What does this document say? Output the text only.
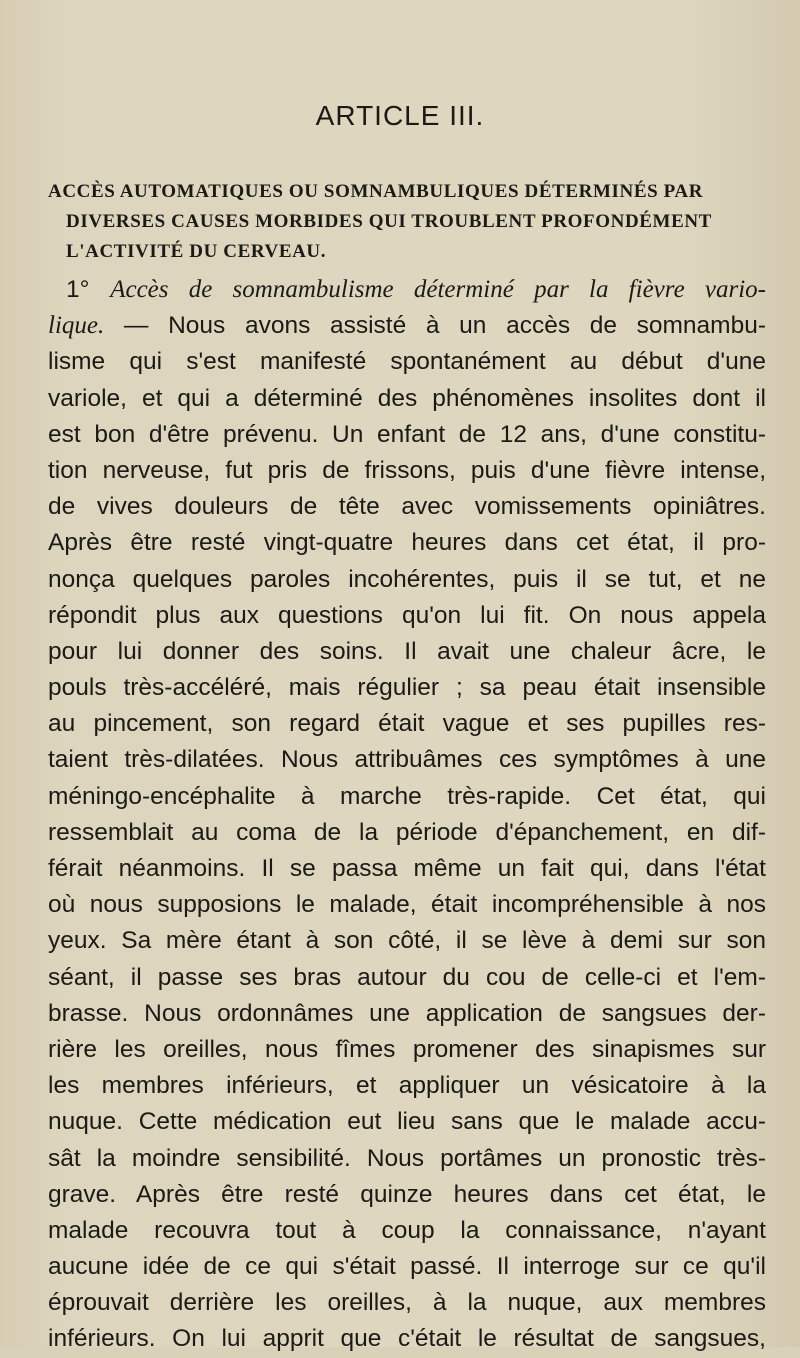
ARTICLE III.
ACCÈS AUTOMATIQUES OU SOMNAMBULIQUES DÉTERMINÉS PAR
DIVERSES CAUSES MORBIDES QUI TROUBLENT PROFONDÉMENT
L'ACTIVITÉ DU CERVEAU.
1° Accès de somnambulisme déterminé par la fièvre vario-
lique. — Nous avons assisté à un accès de somnambu-
lisme qui s'est manifesté spontanément au début d'une
variole, et qui a déterminé des phénomènes insolites dont il
est bon d'être prévenu. Un enfant de 12 ans, d'une constitu-
tion nerveuse, fut pris de frissons, puis d'une fièvre intense,
de vives douleurs de tête avec vomissements opiniâtres.
Après être resté vingt-quatre heures dans cet état, il pro-
nonça quelques paroles incohérentes, puis il se tut, et ne
répondit plus aux questions qu'on lui fit. On nous appela
pour lui donner des soins. Il avait une chaleur âcre, le
pouls très-accéléré, mais régulier ; sa peau était insensible
au pincement, son regard était vague et ses pupilles res-
taient très-dilatées. Nous attribuâmes ces symptômes à une
méningo-encéphalite à marche très-rapide. Cet état, qui
ressemblait au coma de la période d'épanchement, en dif-
férait néanmoins. Il se passa même un fait qui, dans l'état
où nous supposions le malade, était incompréhensible à nos
yeux. Sa mère étant à son côté, il se lève à demi sur son
séant, il passe ses bras autour du cou de celle-ci et l'em-
brasse. Nous ordonnâmes une application de sangsues der-
rière les oreilles, nous fîmes promener des sinapismes sur
les membres inférieurs, et appliquer un vésicatoire à la
nuque. Cette médication eut lieu sans que le malade accu-
sât la moindre sensibilité. Nous portâmes un pronostic très-
grave. Après être resté quinze heures dans cet état, le
malade recouvra tout à coup la connaissance, n'ayant
aucune idée de ce qui s'était passé. Il interroge sur ce qu'il
éprouvait derrière les oreilles, à la nuque, aux membres
inférieurs. On lui apprit que c'était le résultat de sangsues,
